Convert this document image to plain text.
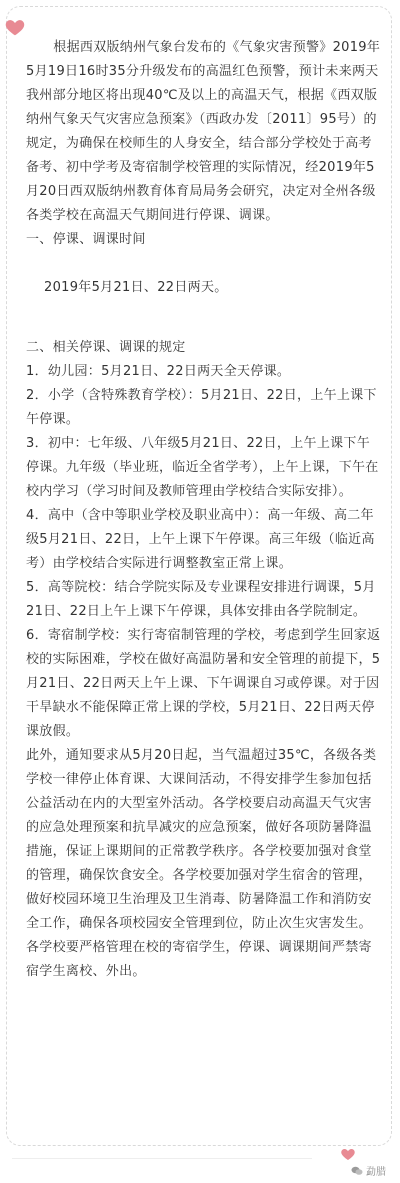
根据西双版纳州气象台发布的《气象灾害预警》2019年5月19日16时35分升级发布的高温红色预警，预计未来两天我州部分地区将出现40℃及以上的高温天气，根据《西双版纳州气象天气灾害应急预案》（西政办发〔2011〕95号）的规定，为确保在校师生的人身安全，结合部分学校处于高考备考、初中学考及寄宿制学校管理的实际情况，经2019年5月20日西双版纳州教育体育局局务会研究，决定对全州各级各类学校在高温天气期间进行停课、调课。

一、停课、调课时间

2019年5月21日、22日两天。

二、相关停课、调课的规定

1．幼儿园：5月21日、22日两天全天停课。

2．小学（含特殊教育学校）：5月21日、22日，上午上课下午停课。

3．初中：七年级、八年级5月21日、22日，上午上课下午停课。九年级（毕业班，临近全省学考），上午上课，下午在校内学习（学习时间及教师管理由学校结合实际安排）。

4．高中（含中等职业学校及职业高中）：高一年级、高二年级5月21日、22日，上午上课下午停课。高三年级（临近高考）由学校结合实际进行调整教室正常上课。

5．高等院校：结合学院实际及专业课程安排进行调课，5月21日、22日上午上课下午停课，具体安排由各学院制定。

6．寄宿制学校：实行寄宿制管理的学校，考虑到学生回家返校的实际困难，学校在做好高温防暑和安全管理的前提下，5月21日、22日两天上午上课、下午调课自习或停课。对于因干旱缺水不能保障正常上课的学校，5月21日、22日两天停课放假。

此外，通知要求从5月20日起，当气温超过35℃，各级各类学校一律停止体育课、大课间活动，不得安排学生参加包括公益活动在内的大型室外活动。各学校要启动高温天气灾害的应急处理预案和抗旱减灾的应急预案，做好各项防暑降温措施，保证上课期间的正常教学秩序。各学校要加强对食堂的管理，确保饮食安全。各学校要加强对学生宿舍的管理，做好校园环境卫生治理及卫生消毒、防暑降温工作和消防安全工作，确保各项校园安全管理到位，防止次生灾害发生。各学校要严格管理在校的寄宿学生，停课、调课期间严禁寄宿学生离校、外出。

勐腊
